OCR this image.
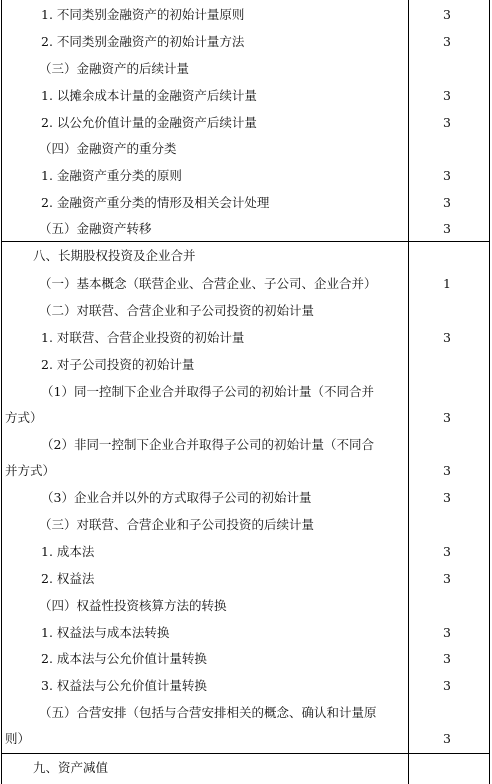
1. 不同类别金融资产的初始计量原则	3
2. 不同类别金融资产的初始计量方法	3
（三）金融资产的后续计量
1. 以摊余成本计量的金融资产后续计量	3
2. 以公允价值计量的金融资产后续计量	3
（四）金融资产的重分类
1. 金融资产重分类的原则	3
2. 金融资产重分类的情形及相关会计处理	3
（五）金融资产转移	3
八、长期股权投资及企业合并
（一）基本概念（联营企业、合营企业、子公司、企业合并）	1
（二）对联营、合营企业和子公司投资的初始计量
1. 对联营、合营企业投资的初始计量	3
2. 对子公司投资的初始计量
（1）同一控制下企业合并取得子公司的初始计量（不同合并
方式）	3
（2）非同一控制下企业合并取得子公司的初始计量（不同合
并方式）	3
（3）企业合并以外的方式取得子公司的初始计量	3
（三）对联营、合营企业和子公司投资的后续计量
1. 成本法	3
2. 权益法	3
（四）权益性投资核算方法的转换
1. 权益法与成本法转换	3
2. 成本法与公允价值计量转换	3
3. 权益法与公允价值计量转换	3
（五）合营安排（包括与合营安排相关的概念、确认和计量原
则）	3
九、资产减值
